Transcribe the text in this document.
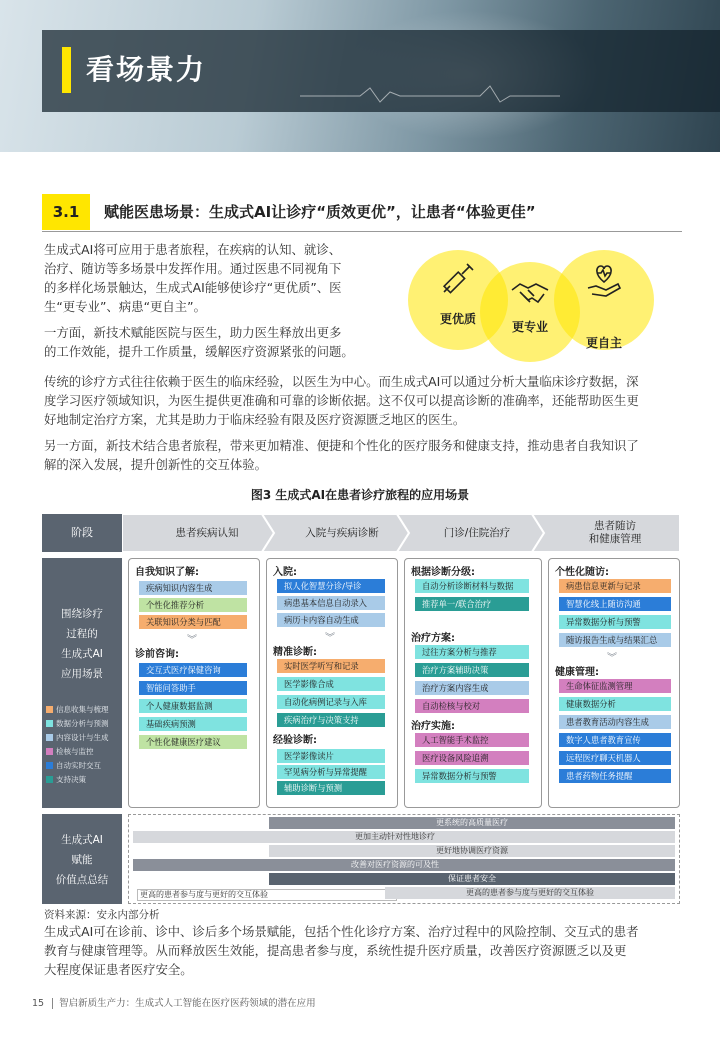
看场景力
3.1	赋能医患场景：生成式AI让诊疗“质效更优”，让患者“体验更佳”
生成式AI将可应用于患者旅程，在疾病的认知、就诊、
治疗、随访等多场景中发挥作用。通过医患不同视角下
的多样化场景触达，生成式AI能够使诊疗“更优质”、医
生“更专业”、病患“更自主”。
一方面，新技术赋能医院与医生，助力医生释放出更多
的工作效能，提升工作质量，缓解医疗资源紧张的问题。
更优质
更专业
更自主
传统的诊疗方式往往依赖于医生的临床经验，以医生为中心。而生成式AI可以通过分析大量临床诊疗数据，深
度学习医疗领域知识，为医生提供更准确和可靠的诊断依据。这不仅可以提高诊断的准确率，还能帮助医生更
好地制定治疗方案，尤其是助力于临床经验有限及医疗资源匮乏地区的医生。
另一方面，新技术结合患者旅程，带来更加精准、便捷和个性化的医疗服务和健康支持，推动患者自我知识了
解的深入发展，提升创新性的交互体验。
图3 生成式AI在患者诊疗旅程的应用场景
阶段	患者疾病认知	入院与疾病诊断	门诊/住院治疗
患者随访
和健康管理
围绕诊疗
过程的
生成式AI
应用场景
信息收集与梳理
数据分析与预测
内容设计与生成
检核与监控
自动实时交互
支持决策
自我知识了解:
疾病知识内容生成
个性化推荐分析
关联知识分类与匹配
︾
诊前咨询:
交互式医疗保健咨询
智能问答助手
个人健康数据监测
基础疾病预测
个性化健康医疗建议
入院:
拟人化智慧分诊/导诊
病患基本信息自动录入
病历卡内容自动生成
︾
精准诊断:
实时医学听写和记录
医学影像合成
自动化病例记录与入库
疾病治疗与决策支持
经验诊断:
医学影像读片
罕见病分析与异常提醒
辅助诊断与预测
根据诊断分级:
自动分析诊断材料与数据
推荐单一/联合治疗
治疗方案:
过往方案分析与推荐
治疗方案辅助决策
治疗方案内容生成
自动检核与校对
治疗实施:
人工智能手术监控
医疗设备风险追溯
异常数据分析与预警
个性化随访:
病患信息更新与记录
智慧化线上随访沟通
异常数据分析与预警
随访报告生成与结果汇总
︾
健康管理:
生命体征监测管理
健康数据分析
患者教育活动内容生成
数字人患者教育宣传
远程医疗聊天机器人
患者药物任务提醒
生成式AI
赋能
价值点总结
更系统的高质量医疗
更加主动针对性地诊疗
更好地协调医疗资源
改善对医疗资源的可及性
保证患者安全
更高的患者参与度与更好的交互体验	更高的患者参与度与更好的交互体验
资料来源：安永内部分析
生成式AI可在诊前、诊中、诊后多个场景赋能，包括个性化诊疗方案、治疗过程中的风险控制、交互式的患者
教育与健康管理等。从而释放医生效能，提高患者参与度，系统性提升医疗质量，改善医疗资源匮乏以及更
大程度保证患者医疗安全。
15 智启新质生产力：生成式人工智能在医疗医药领域的潜在应用
